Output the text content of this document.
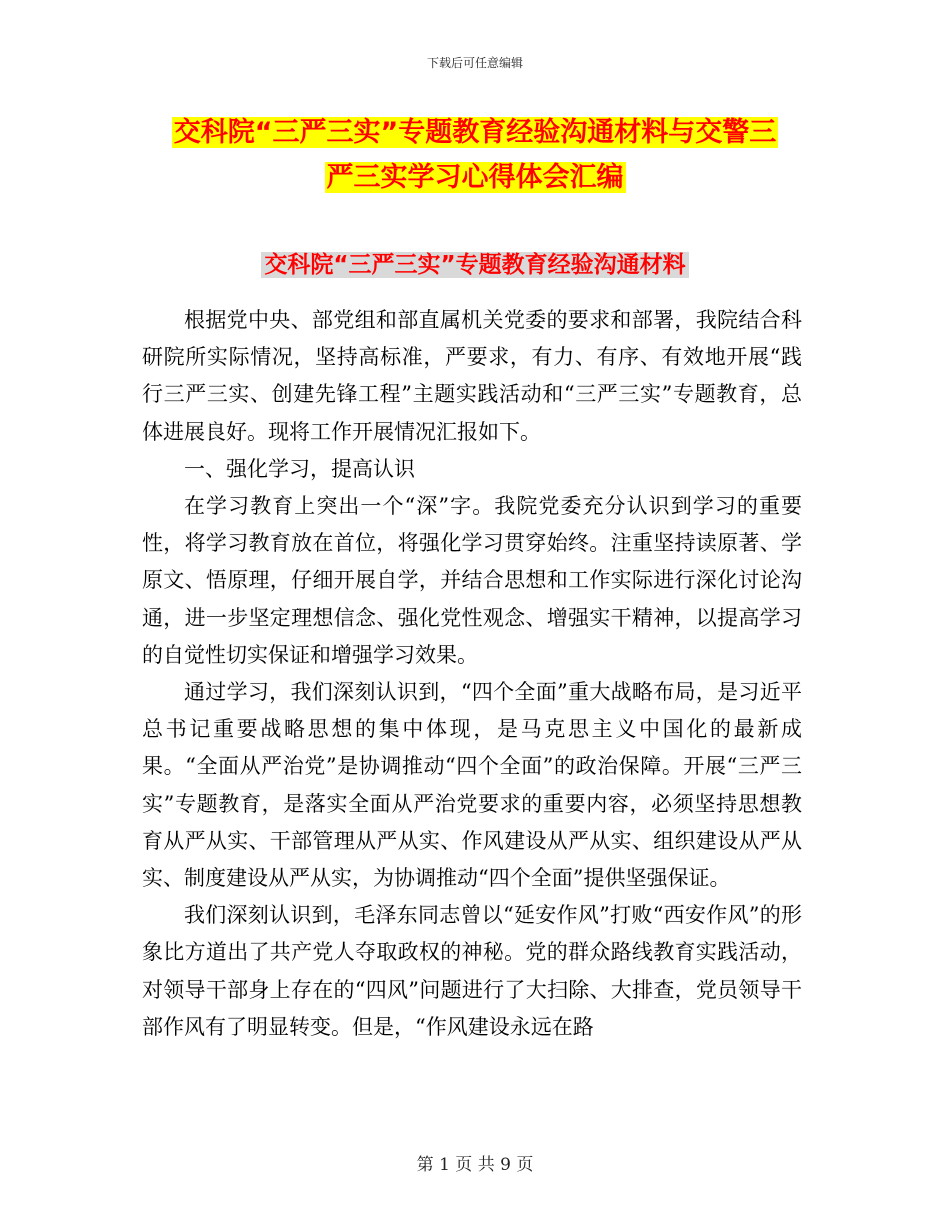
下载后可任意编辑
交科院“三严三实”专题教育经验沟通材料与交警三
严三实学习心得体会汇编
交科院“三严三实”专题教育经验沟通材料

根据党中央、部党组和部直属机关党委的要求和部署，我院结合科研院所实际情况，坚持高标准，严要求，有力、有序、有效地开展“践行三严三实、创建先锋工程”主题实践活动和“三严三实”专题教育，总体进展良好。现将工作开展情况汇报如下。

一、强化学习，提高认识

在学习教育上突出一个“深”字。我院党委充分认识到学习的重要性，将学习教育放在首位，将强化学习贯穿始终。注重坚持读原著、学原文、悟原理，仔细开展自学，并结合思想和工作实际进行深化讨论沟通，进一步坚定理想信念、强化党性观念、增强实干精神，以提高学习的自觉性切实保证和增强学习效果。

通过学习，我们深刻认识到，“四个全面”重大战略布局，是习近平总书记重要战略思想的集中体现，是马克思主义中国化的最新成果。“全面从严治党”是协调推动“四个全面”的政治保障。开展“三严三实”专题教育，是落实全面从严治党要求的重要内容，必须坚持思想教育从严从实、干部管理从严从实、作风建设从严从实、组织建设从严从实、制度建设从严从实，为协调推动“四个全面”提供坚强保证。

我们深刻认识到，毛泽东同志曾以“延安作风”打败“西安作风”的形象比方道出了共产党人夺取政权的神秘。党的群众路线教育实践活动，对领导干部身上存在的“四风”问题进行了大扫除、大排查，党员领导干部作风有了明显转变。但是，“作风建设永远在路

第 1 页 共 9 页
